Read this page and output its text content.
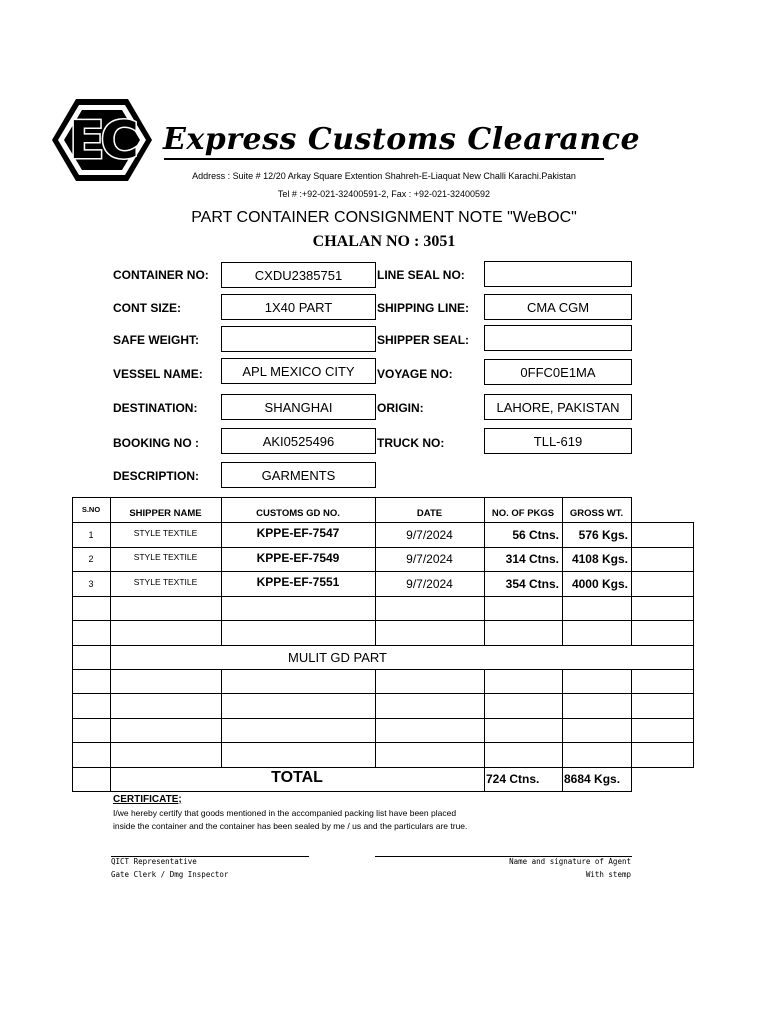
EC Express Customs Clearance
Address : Suite # 12/20 Arkay Square Extention Shahreh-E-Liaquat New Challi Karachi.Pakistan
Tel # :+92-021-32400591-2, Fax : +92-021-32400592
PART CONTAINER CONSIGNMENT NOTE "WeBOC"
CHALAN NO : 3051
CONTAINER NO:	CXDU2385751
CONT SIZE:	1X40 PART
SAFE WEIGHT:
VESSEL NAME:	APL MEXICO CITY
DESTINATION:	SHANGHAI
BOOKING NO :	AKI0525496
DESCRIPTION:	GARMENTS
LINE SEAL NO:
SHIPPING LINE:	CMA CGM
SHIPPER SEAL:
VOYAGE NO:	0FFC0E1MA
ORIGIN:	LAHORE, PAKISTAN
TRUCK NO:	TLL-619
S.NO	SHIPPER NAME	CUSTOMS GD NO.	DATE	NO. OF PKGS	GROSS WT.
1	STYLE TEXTILE	KPPE-EF-7547	9/7/2024	56 Ctns.	576 Kgs.
2	STYLE TEXTILE	KPPE-EF-7549	9/7/2024	314 Ctns.	4108 Kgs.
3	STYLE TEXTILE	KPPE-EF-7551	9/7/2024	354 Ctns.	4000 Kgs.
MULIT GD PART
TOTAL	724 Ctns.	8684 Kgs.
CERTIFICATE;
I/we hereby certify that goods mentioned in the accompanied packing list have been placed
inside the container and the container has been sealed by me / us and the particulars are true.
QICT Representative
Gate Clerk / Dmg Inspector
Name and signature of Agent
With stemp
